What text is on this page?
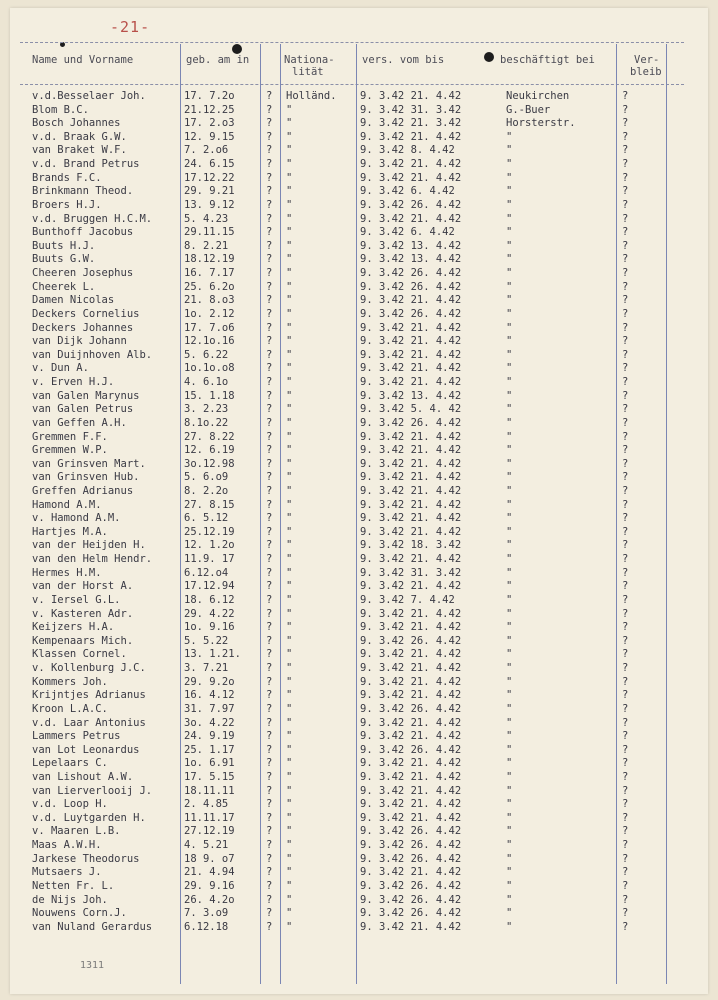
-21-
Name und Vorname	geb. am in	Nationa-
lität
vers. vom bis	beschäftigt bei	Ver-
bleib
v.d.Besselaer Joh.	17. 7.2o	?	Holländ.	9. 3.42 21. 4.42	Neukirchen	?
Blom B.C.	21.12.25	?	"	9. 3.42 31. 3.42	G.-Buer	?
Bosch Johannes	17. 2.o3	?	"	9. 3.42 21. 3.42	Horsterstr.	?
v.d. Braak G.W.	12. 9.15	?	"	9. 3.42 21. 4.42	"	?
van Braket W.F.	7. 2.o6	?	"	9. 3.42 8. 4.42	"	?
v.d. Brand Petrus	24. 6.15	?	"	9. 3.42 21. 4.42	"	?
Brands F.C.	17.12.22	?	"	9. 3.42 21. 4.42	"	?
Brinkmann Theod.	29. 9.21	?	"	9. 3.42 6. 4.42	"	?
Broers H.J.	13. 9.12	?	"	9. 3.42 26. 4.42	"	?
v.d. Bruggen H.C.M.	5. 4.23	?	"	9. 3.42 21. 4.42	"	?
Bunthoff Jacobus	29.11.15	?	"	9. 3.42 6. 4.42	"	?
Buuts H.J.	8. 2.21	?	"	9. 3.42 13. 4.42	"	?
Buuts G.W.	18.12.19	?	"	9. 3.42 13. 4.42	"	?
Cheeren Josephus	16. 7.17	?	"	9. 3.42 26. 4.42	"	?
Cheerek L.	25. 6.2o	?	"	9. 3.42 26. 4.42	"	?
Damen Nicolas	21. 8.o3	?	"	9. 3.42 21. 4.42	"	?
Deckers Cornelius	1o. 2.12	?	"	9. 3.42 26. 4.42	"	?
Deckers Johannes	17. 7.o6	?	"	9. 3.42 21. 4.42	"	?
van Dijk Johann	12.1o.16	?	"	9. 3.42 21. 4.42	"	?
van Duijnhoven Alb.	5. 6.22	?	"	9. 3.42 21. 4.42	"	?
v. Dun A.	1o.1o.o8	?	"	9. 3.42 21. 4.42	"	?
v. Erven H.J.	4. 6.1o	?	"	9. 3.42 21. 4.42	"	?
van Galen Marynus	15. 1.18	?	"	9. 3.42 13. 4.42	"	?
van Galen Petrus	3. 2.23	?	"	9. 3.42 5. 4. 42	"	?
van Geffen A.H.	8.1o.22	?	"	9. 3.42 26. 4.42	"	?
Gremmen F.F.	27. 8.22	?	"	9. 3.42 21. 4.42	"	?
Gremmen W.P.	12. 6.19	?	"	9. 3.42 21. 4.42	"	?
van Grinsven Mart.	3o.12.98	?	"	9. 3.42 21. 4.42	"	?
van Grinsven Hub.	5. 6.o9	?	"	9. 3.42 21. 4.42	"	?
Greffen Adrianus	8. 2.2o	?	"	9. 3.42 21. 4.42	"	?
Hamond A.M.	27. 8.15	?	"	9. 3.42 21. 4.42	"	?
v. Hamond A.M.	6. 5.12	?	"	9. 3.42 21. 4.42	"	?
Hartjes M.A.	25.12.19	?	"	9. 3.42 21. 4.42	"	?
van der Heijden H.	12. 1.2o	?	"	9. 3.42 18. 3.42	"	?
van den Helm Hendr.	11.9. 17	?	"	9. 3.42 21. 4.42	"	?
Hermes H.M.	6.12.o4	?	"	9. 3.42 31. 3.42	"	?
van der Horst A.	17.12.94	?	"	9. 3.42 21. 4.42	"	?
v. Iersel G.L.	18. 6.12	?	"	9. 3.42 7. 4.42	"	?
v. Kasteren Adr.	29. 4.22	?	"	9. 3.42 21. 4.42	"	?
Keijzers H.A.	1o. 9.16	?	"	9. 3.42 21. 4.42	"	?
Kempenaars Mich.	5. 5.22	?	"	9. 3.42 26. 4.42	"	?
Klassen Cornel.	13. 1.21.	?	"	9. 3.42 21. 4.42	"	?
v. Kollenburg J.C.	3. 7.21	?	"	9. 3.42 21. 4.42	"	?
Kommers Joh.	29. 9.2o	?	"	9. 3.42 21. 4.42	"	?
Krijntjes Adrianus	16. 4.12	?	"	9. 3.42 21. 4.42	"	?
Kroon L.A.C.	31. 7.97	?	"	9. 3.42 26. 4.42	"	?
v.d. Laar Antonius	3o. 4.22	?	"	9. 3.42 21. 4.42	"	?
Lammers Petrus	24. 9.19	?	"	9. 3.42 21. 4.42	"	?
van Lot Leonardus	25. 1.17	?	"	9. 3.42 26. 4.42	"	?
Lepelaars C.	1o. 6.91	?	"	9. 3.42 21. 4.42	"	?
van Lishout A.W.	17. 5.15	?	"	9. 3.42 21. 4.42	"	?
van Lierverlooij J.	18.11.11	?	"	9. 3.42 21. 4.42	"	?
v.d. Loop H.	2. 4.85	?	"	9. 3.42 21. 4.42	"	?
v.d. Luytgarden H.	11.11.17	?	"	9. 3.42 21. 4.42	"	?
v. Maaren L.B.	27.12.19	?	"	9. 3.42 26. 4.42	"	?
Maas A.W.H.	4. 5.21	?	"	9. 3.42 26. 4.42	"	?
Jarkese Theodorus	18 9. o7	?	"	9. 3.42 26. 4.42	"	?
Mutsaers J.	21. 4.94	?	"	9. 3.42 21. 4.42	"	?
Netten Fr. L.	29. 9.16	?	"	9. 3.42 26. 4.42	"	?
de Nijs Joh.	26. 4.2o	?	"	9. 3.42 26. 4.42	"	?
Nouwens Corn.J.	7. 3.o9	?	"	9. 3.42 26. 4.42	"	?
van Nuland Gerardus	6.12.18	?	"	9. 3.42 21. 4.42	"	?
1311
